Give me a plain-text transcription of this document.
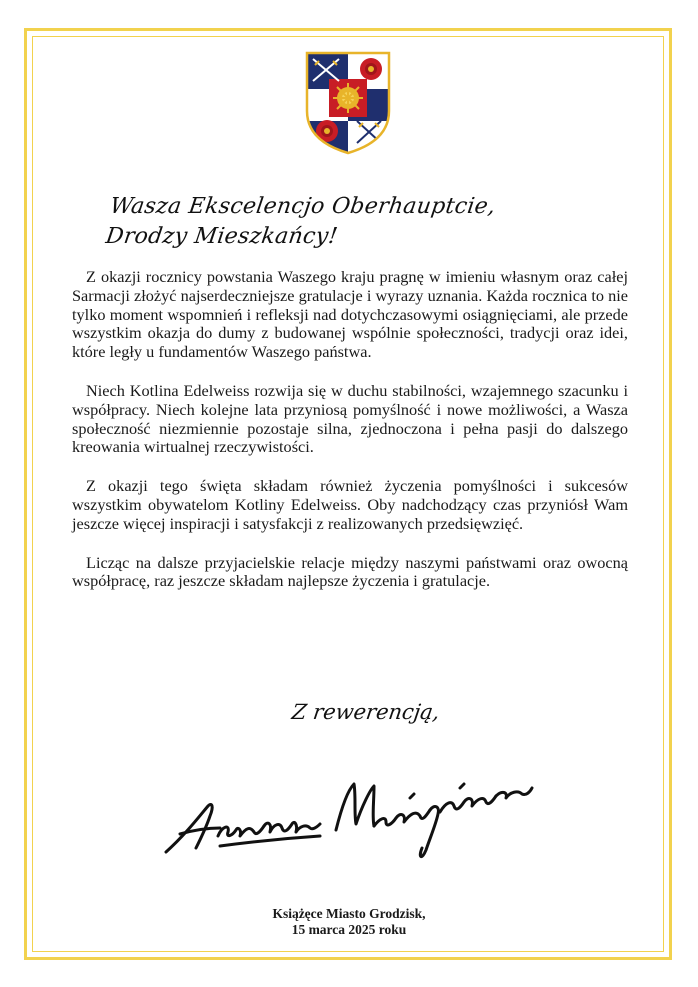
Wasza Ekscelencjo Oberhauptcie,
Drodzy Mieszkańcy!

Z okazji rocznicy powstania Waszego kraju pragnę w imieniu własnym oraz całej Sarmacji złożyć najserdeczniejsze gratulacje i wyrazy uznania. Każda rocznica to nie tylko moment wspomnień i refleksji nad dotychczasowymi osiągnięciami, ale przede wszystkim okazja do dumy z budowanej wspólnie społeczności, tradycji oraz idei, które legły u fundamentów Waszego państwa.

Niech Kotlina Edelweiss rozwija się w duchu stabilności, wzajemnego szacunku i współpracy. Niech kolejne lata przyniosą pomyślność i nowe możliwości, a Wasza społeczność niezmiennie pozostaje silna, zjednoczona i pełna pasji do dalszego kreowania wirtualnej rzeczywistości.

Z okazji tego święta składam również życzenia pomyślności i sukcesów wszystkim obywatelom Kotliny Edelweiss. Oby nadchodzący czas przyniósł Wam jeszcze więcej inspiracji i satysfakcji z realizowanych przedsięwzięć.

Licząc na dalsze przyjacielskie relacje między naszymi państwami oraz owocną współpracę, raz jeszcze składam najlepsze życzenia i gratulacje.

Z rewerencją,
Książęce Miasto Grodzisk,
15 marca 2025 roku
